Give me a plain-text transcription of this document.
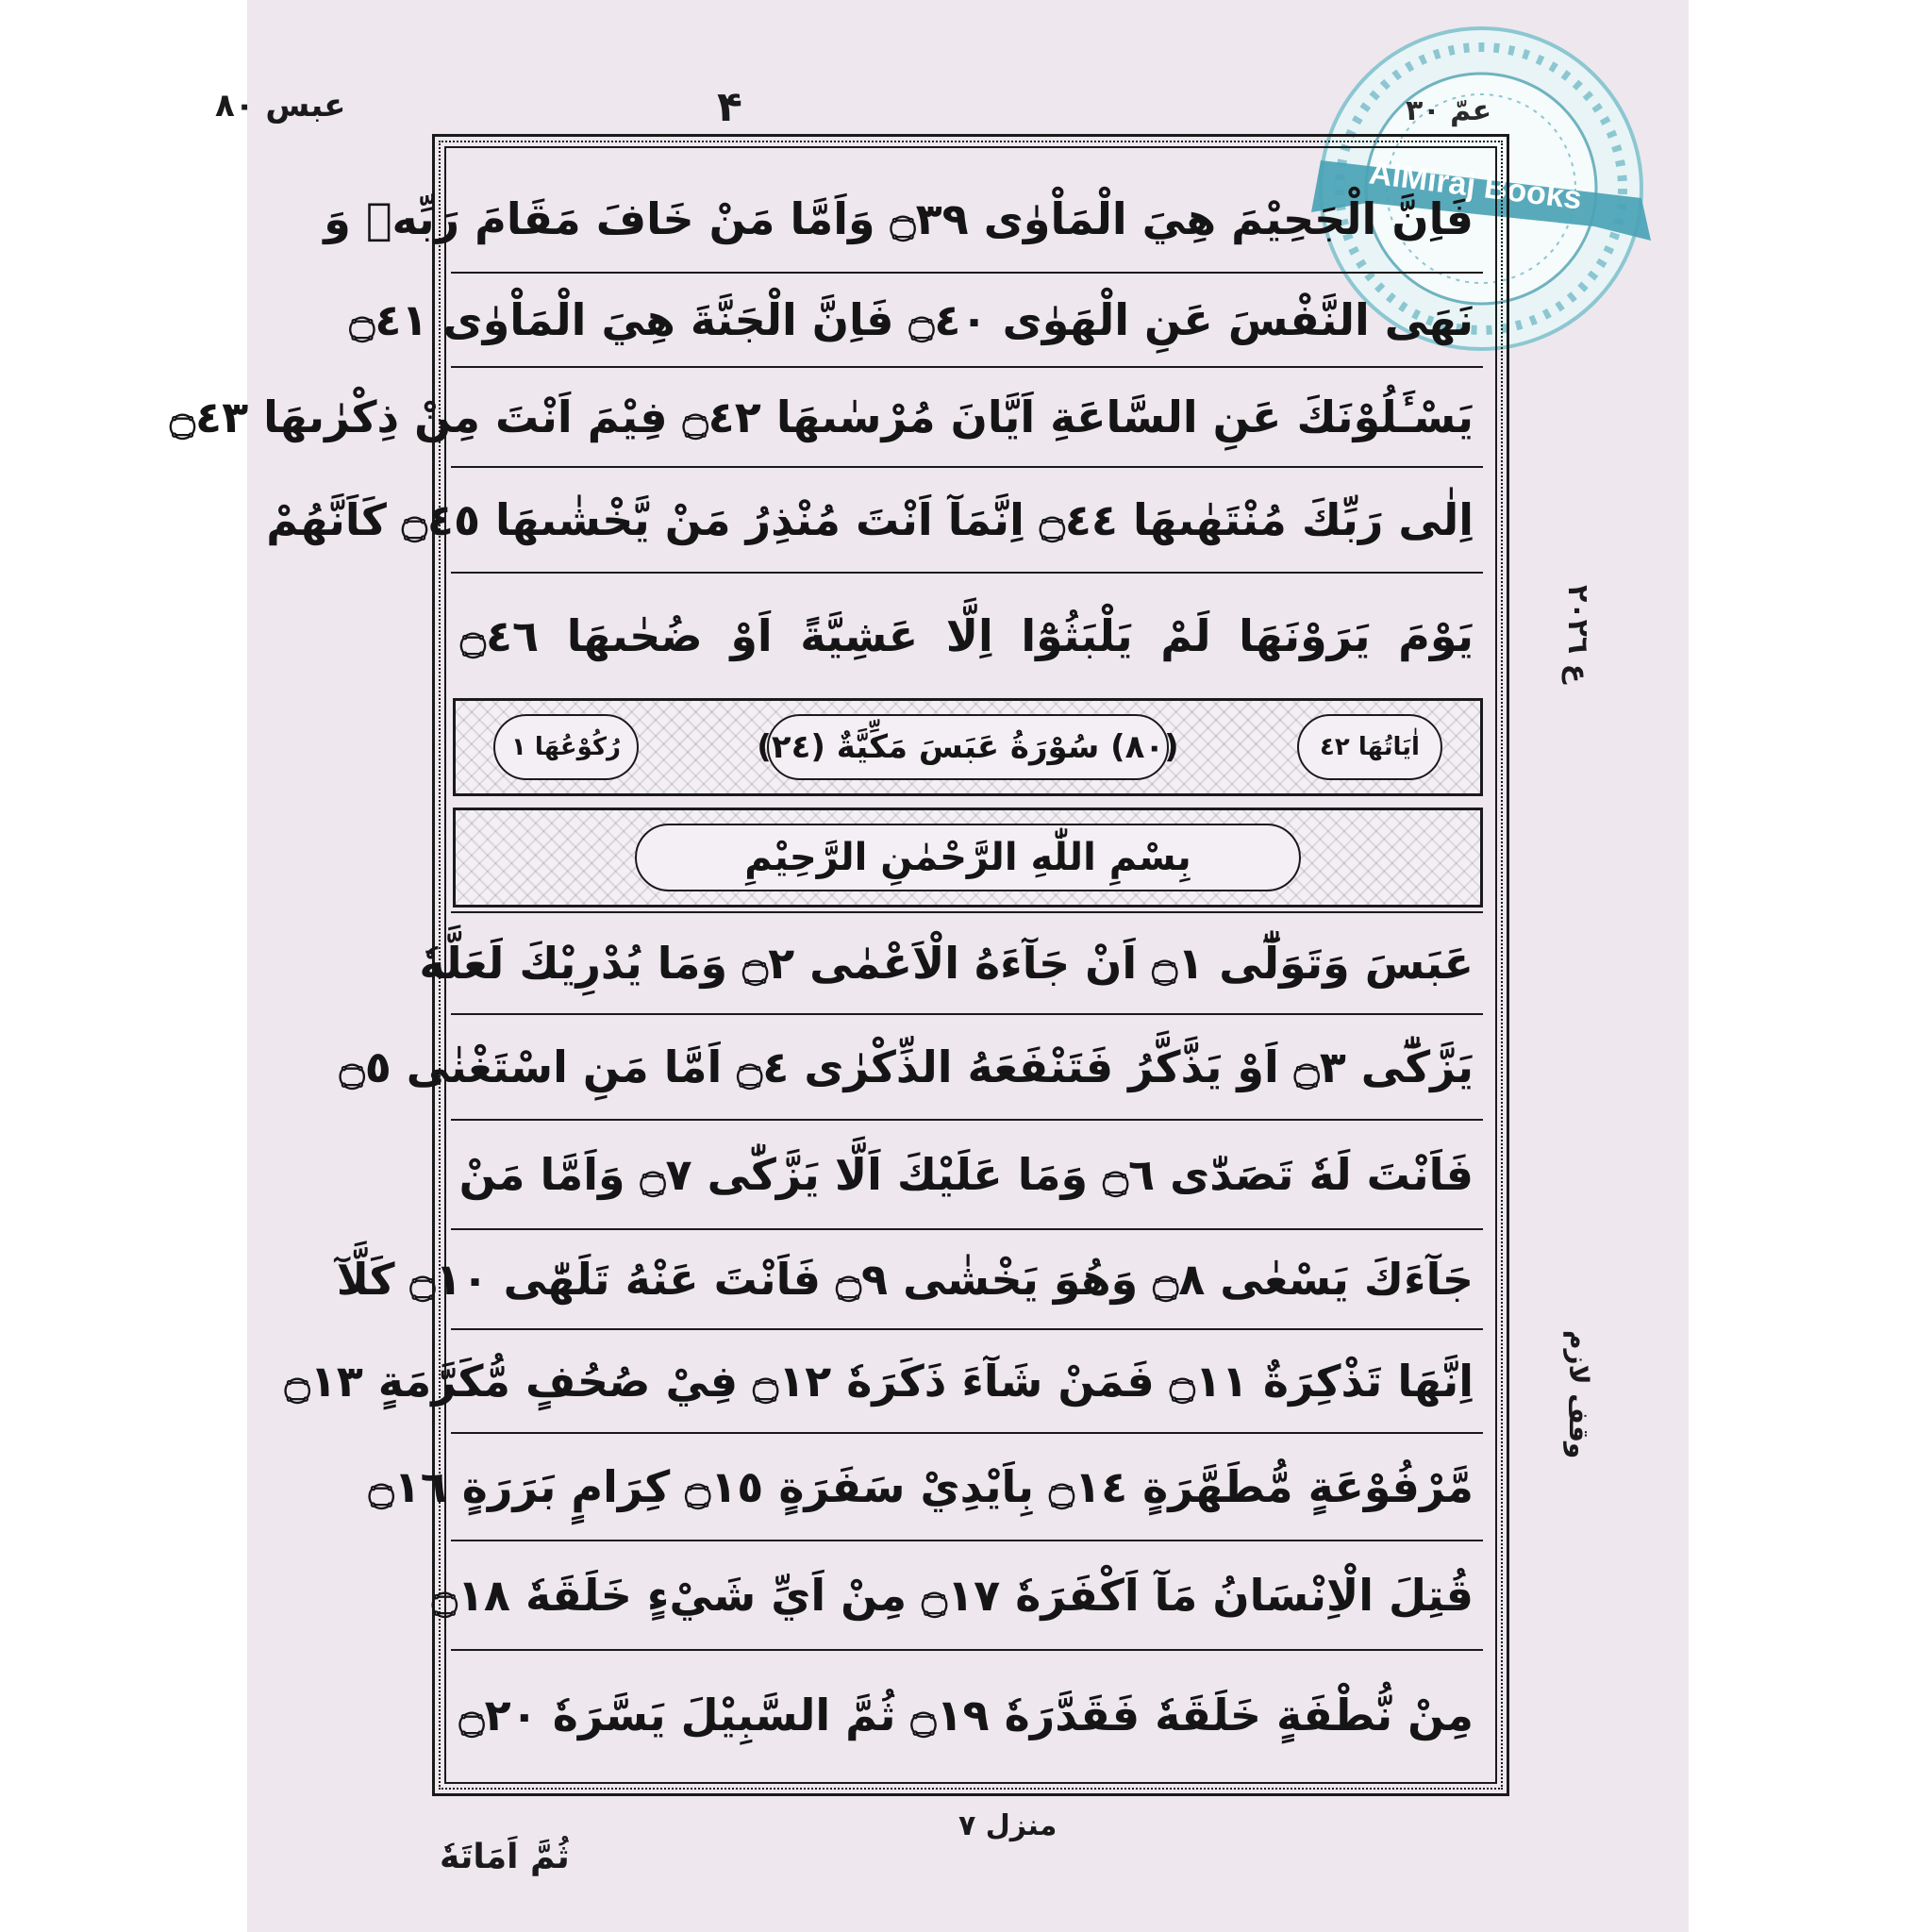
عبس ٨٠	۴
AlMiraj Books
عمّ ۳۰
فَاِنَّ الْجَحِيْمَ هِيَ الْمَاْوٰى ۝٣٩ وَاَمَّا مَنْ خَافَ مَقَامَ رَبِّهٖ وَ
نَهَى النَّفْسَ عَنِ الْهَوٰى ۝٤٠ فَاِنَّ الْجَنَّةَ هِيَ الْمَاْوٰى ۝٤١
يَسْـَٔلُوْنَكَ عَنِ السَّاعَةِ اَيَّانَ مُرْسٰىهَا ۝٤٢ فِيْمَ اَنْتَ مِنْ ذِكْرٰىهَا ۝٤٣
اِلٰى رَبِّكَ مُنْتَهٰىهَا ۝٤٤ اِنَّمَآ اَنْتَ مُنْذِرُ مَنْ يَّخْشٰىهَا ۝٤٥ كَاَنَّهُمْ
يَوْمَ يَرَوْنَهَا لَمْ يَلْبَثُوْٓا اِلَّا عَشِيَّةً اَوْ ضُحٰىهَا ۝٤٦
اٰيَاتُهَا ٤٢
(٨٠) سُوْرَةُ عَبَسَ مَكِّيَّةٌ (٢٤)
رُكُوْعُهَا ١
بِسْمِ اللّٰهِ الرَّحْمٰنِ الرَّحِيْمِ
عَبَسَ وَتَوَلّٰٓى ۝١ اَنْ جَآءَهُ الْاَعْمٰى ۝٢ وَمَا يُدْرِيْكَ لَعَلَّهٗ
يَزَّكّٰٓى ۝٣ اَوْ يَذَّكَّرُ فَتَنْفَعَهُ الذِّكْرٰى ۝٤ اَمَّا مَنِ اسْتَغْنٰى ۝٥
فَاَنْتَ لَهٗ تَصَدّٰى ۝٦ وَمَا عَلَيْكَ اَلَّا يَزَّكّٰى ۝٧ وَاَمَّا مَنْ
جَآءَكَ يَسْعٰى ۝٨ وَهُوَ يَخْشٰى ۝٩ فَاَنْتَ عَنْهُ تَلَهّٰى ۝١٠ كَلَّآ
اِنَّهَا تَذْكِرَةٌ ۝١١ فَمَنْ شَآءَ ذَكَرَهٗ ۝١٢ فِيْ صُحُفٍ مُّكَرَّمَةٍ ۝١٣
مَّرْفُوْعَةٍ مُّطَهَّرَةٍ ۝١٤ بِاَيْدِيْ سَفَرَةٍ ۝١٥ كِرَامٍ بَرَرَةٍ ۝١٦
قُتِلَ الْاِنْسَانُ مَآ اَكْفَرَهٗ ۝١٧ مِنْ اَيِّ شَيْءٍ خَلَقَهٗ ۝١٨
مِنْ نُّطْفَةٍ خَلَقَهٗ فَقَدَّرَهٗ ۝١٩ ثُمَّ السَّبِيْلَ يَسَّرَهٗ ۝٢٠
ع ٢٠٢٦
وقف لازم
منزل ٧
ثُمَّ اَمَاتَهٗ
